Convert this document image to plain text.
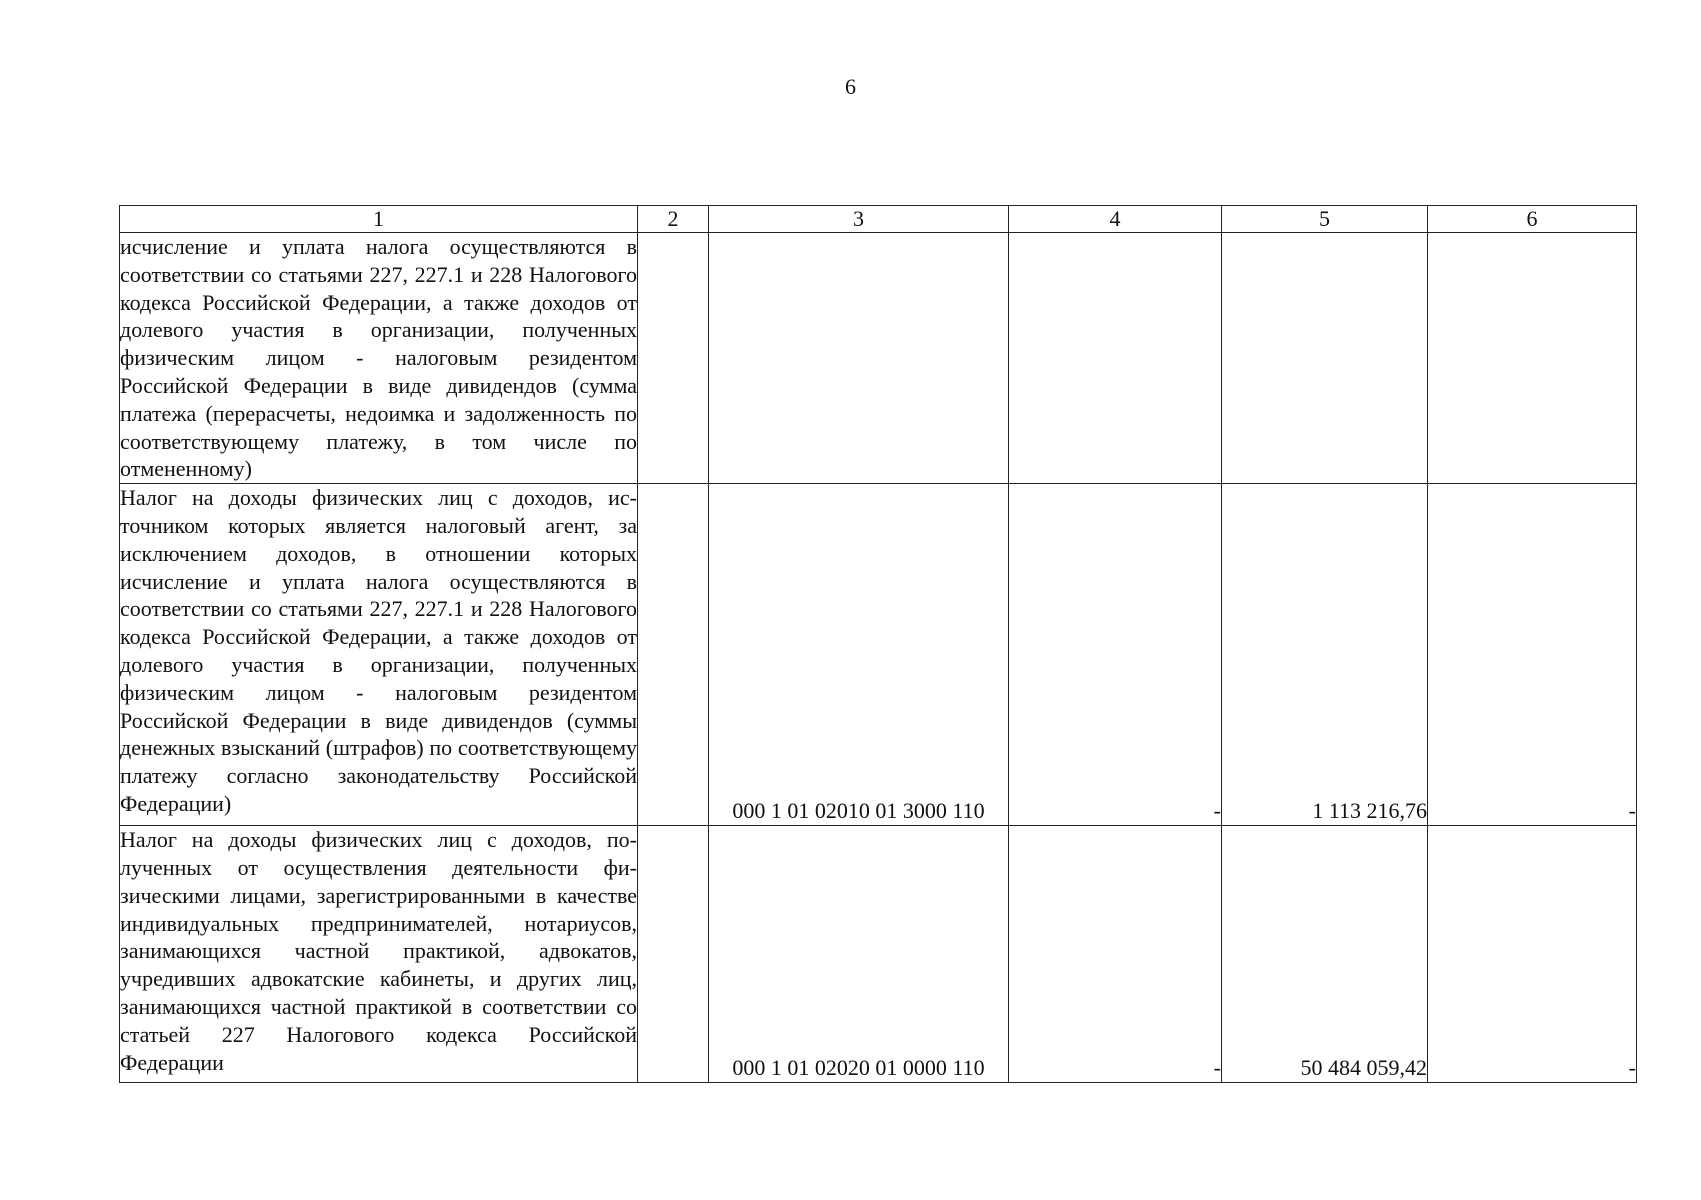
6
1	2	3	4	5	6
исчисление и уплата налога осуществляются в соответствии со статьями 227, 227.1 и 228 Налогового кодекса Российской Федерации, а также доходов от долевого участия в организации, полученных физическим лицом - налоговым резидентом Российской Федерации в виде дивидендов (сумма платежа (перерасчеты, недоимка и задолженность по соответствующему платежу, в том числе по отмененному)					
Налог на доходы физических лиц с доходов, источником которых является налоговый агент, за исключением доходов, в отношении которых исчисление и уплата налога осуществляются в соответствии со статьями 227, 227.1 и 228 Налогового кодекса Российской Федерации, а также доходов от долевого участия в организации, полученных физическим лицом - налоговым резидентом Российской Федерации в виде дивидендов (суммы денежных взысканий (штрафов) по соответствующему платежу согласно законодательству Российской Федерации)		000 1 01 02010 01 3000 110	-	1 113 216,76	-
Налог на доходы физических лиц с доходов, полученных от осуществления деятельности физическими лицами, зарегистрированными в качестве индивидуальных предпринимателей, нотариусов, занимающихся частной практикой, адвокатов, учредивших адвокатские кабинеты, и других лиц, занимающихся частной практикой в соответствии со статьей 227 Налогового кодекса Российской Федерации		000 1 01 02020 01 0000 110	-	50 484 059,42	-
